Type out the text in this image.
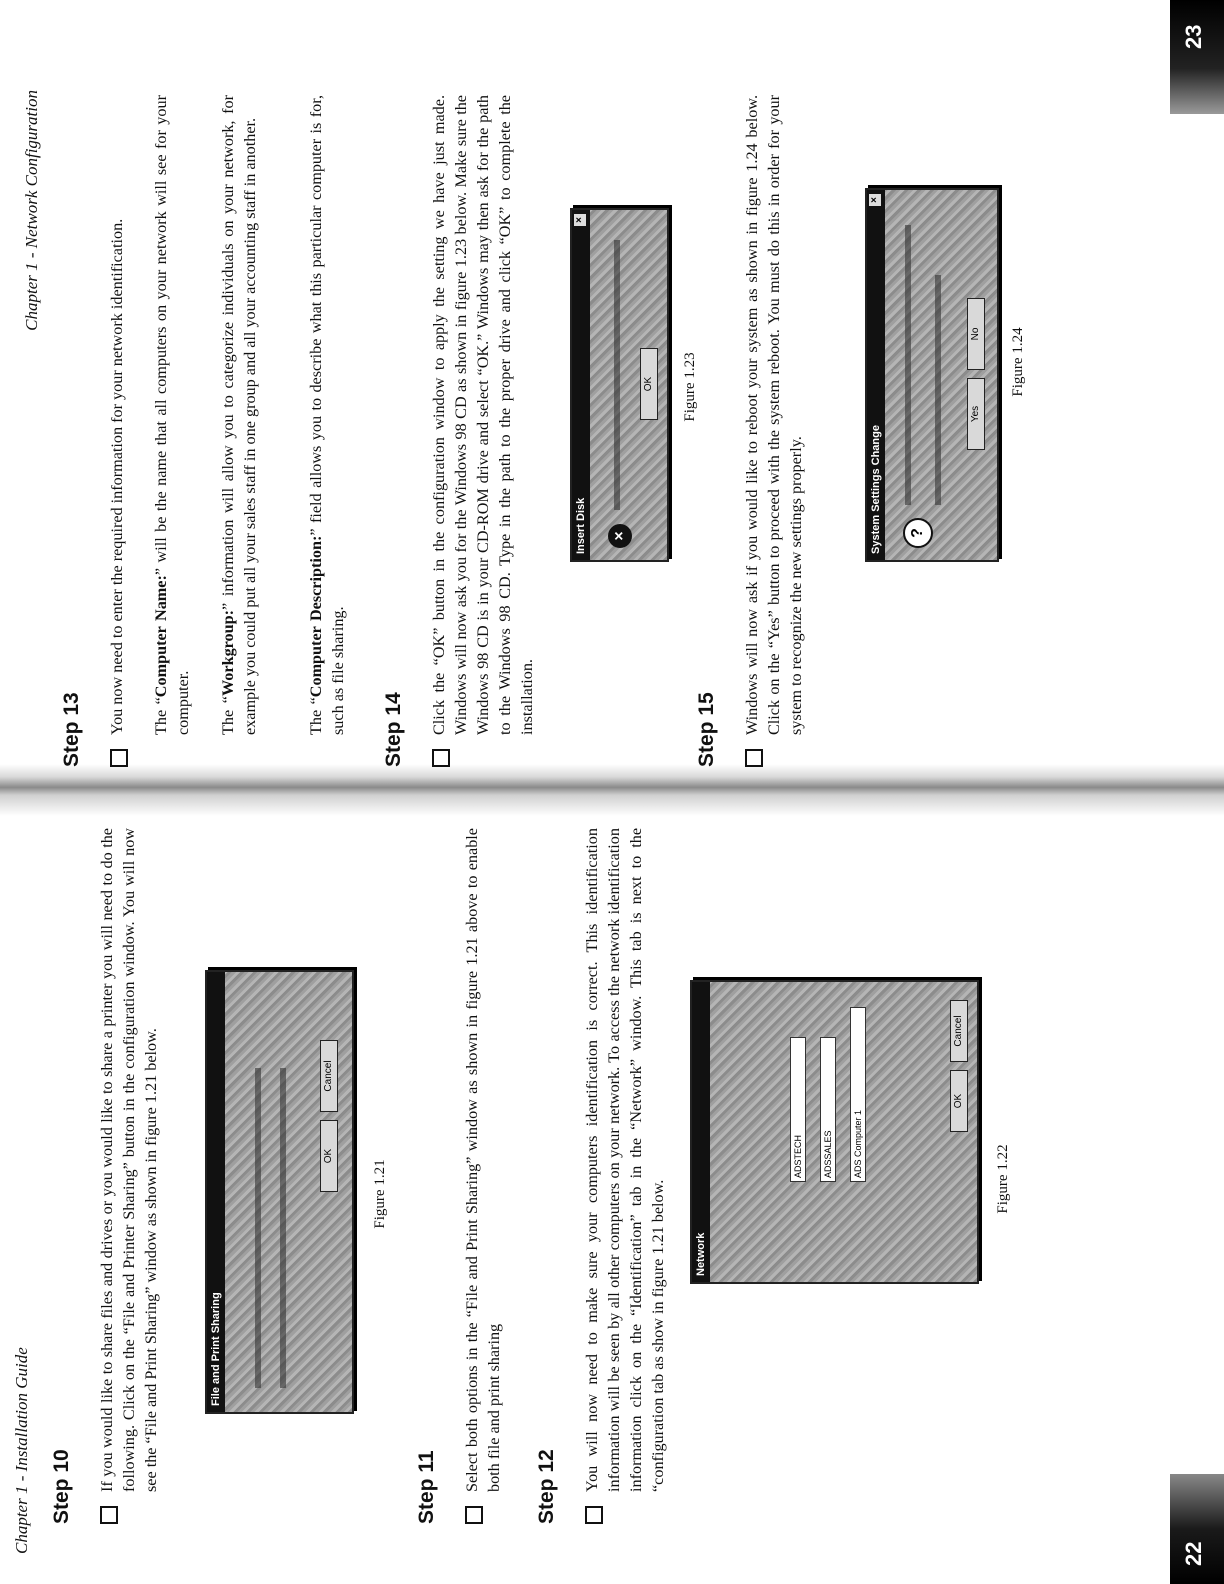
Chapter 1 - Installation Guide Step 10 If you would like to share files and drives or you would like to share a printer you will need to do the following. Click on the “File and Printer Sharing” button in the configuration window. You will now see the “File and Print Sharing” window as shown in figure 1.21 below.	File and Print Sharing
OK
Cancel
Figure 1.21
Step 11 Select both options in the “File and Print Sharing” window as shown in figure 1.21 above to enable both file and print sharing Step 12 You will now need to make sure your computers identification is correct. This identification information will be seen by all other computers on your network. To access the network identification information click on the “Identification” tab in the “Network” window. This tab is next to the “configuration tab as show in figure 1.21 below.	Network
ADSTECH	ADSSALES	ADS Computer 1
OK
Cancel
Figure 1.22
22
Chapter 1 - Network Configuration
Step 13 You now need to enter the required information for your network identification. The “Computer Name:” will be the name that all computers on your network will see for your computer. The “Workgroup:” information will allow you to categorize individuals on your network, for example you could put all your sales staff in one group and all your accounting staff in another.	The “Computer Description:” field allows you to describe what this particular computer is for, such as file sharing. Step 14 Click the “OK” button in the configuration window to apply the setting we have just made. Windows will now ask you for the Windows 98 CD as shown in figure 1.23 below. Make sure the Windows 98 CD is in your CD-ROM drive and select “OK.” Windows may then ask for the path to the Windows 98 CD. Type in the path to the proper drive and click “OK” to complete the installation.
Insert Disk
×
×
OK Figure 1.23
Step 15 Windows will now ask if you would like to reboot your system as shown in figure 1.24 below. Click on the “Yes” button to proceed with the system reboot. You must do this in order for your system to recognize the new settings properly.	System Settings Change
×
?
Yes
No Figure 1.24
23
